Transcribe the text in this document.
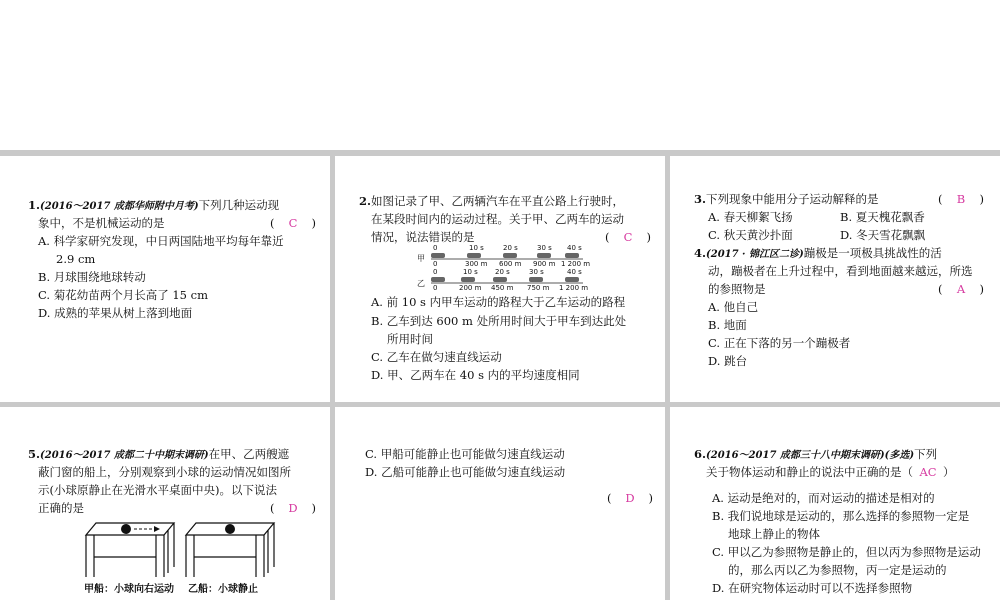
1.(2016～2017 成都华师附中月考)下列几种运动现
象中，不是机械运动的是	(　C　)
A. 科学家研究发现，中日两国陆地平均每年靠近
2.9 cm
B. 月球围绕地球转动
C. 菊花幼苗两个月长高了 15 cm
D. 成熟的苹果从树上落到地面
2.如图记录了甲、乙两辆汽车在平直公路上行驶时，
在某段时间内的运动过程。关于甲、乙两车的运动
情况，说法错误的是	(　C　)
甲
乙
0	10 s	20 s	30 s 40 s
0	300 m 600 m 900 m 1 200 m
0	10 s 20 s	30 s	40 s
0	200 m 450 m 750 m 1 200 m
A. 前 10 s 内甲车运动的路程大于乙车运动的路程
B. 乙车到达 600 m 处所用时间大于甲车到达此处
所用时间
C. 乙车在做匀速直线运动
D. 甲、乙两车在 40 s 内的平均速度相同
3.下列现象中能用分子运动解释的是	(　B　)
A. 春天柳絮飞扬	B. 夏天槐花飘香
C. 秋天黄沙扑面	D. 冬天雪花飘飘
4.(2017 · 锦江区二诊)蹦极是一项极具挑战性的活
动，蹦极者在上升过程中，看到地面越来越远，所选
的参照物是	(　A　)
A. 他自己
B. 地面
C. 正在下落的另一个蹦极者
D. 跳台
5.(2016～2017 成都二十中期末调研)在甲、乙两艘遮
蔽门窗的船上，分别观察到小球的运动情况如图所
示(小球原静止在光滑水平桌面中央)。以下说法
正确的是	(　D　)
甲船：小球向右运动 乙船：小球静止
C. 甲船可能静止也可能做匀速直线运动
D. 乙船可能静止也可能做匀速直线运动
(　D　)
6.(2016～2017 成都三十八中期末调研)(多选)下列
关于物体运动和静止的说法中正确的是（ AC ）
A. 运动是绝对的，而对运动的描述是相对的
B. 我们说地球是运动的，那么选择的参照物一定是
地球上静止的物体
C. 甲以乙为参照物是静止的，但以丙为参照物是运动
的，那么丙以乙为参照物，丙一定是运动的
D. 在研究物体运动时可以不选择参照物
